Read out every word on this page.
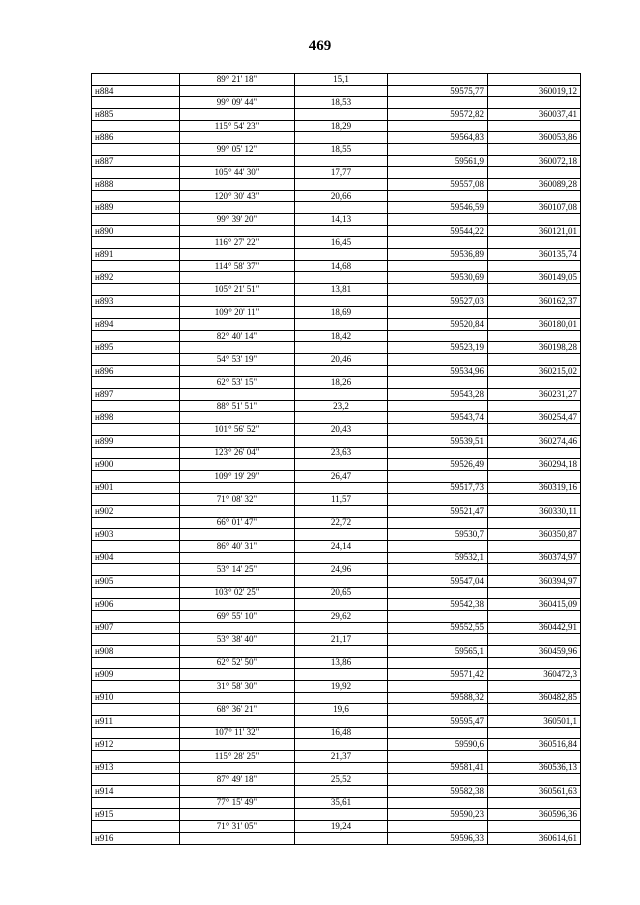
469
	89° 21' 18"	15,1		
н884			59575,77	360019,12
	99° 09' 44"	18,53		
н885			59572,82	360037,41
	115° 54' 23"	18,29		
н886			59564,83	360053,86
	99° 05' 12"	18,55		
н887			59561,9	360072,18
	105° 44' 30"	17,77		
н888			59557,08	360089,28
	120° 30' 43"	20,66		
н889			59546,59	360107,08
	99° 39' 20"	14,13		
н890			59544,22	360121,01
	116° 27' 22"	16,45		
н891			59536,89	360135,74
	114° 58' 37"	14,68		
н892			59530,69	360149,05
	105° 21' 51"	13,81		
н893			59527,03	360162,37
	109° 20' 11"	18,69		
н894			59520,84	360180,01
	82° 40' 14"	18,42		
н895			59523,19	360198,28
	54° 53' 19"	20,46		
н896			59534,96	360215,02
	62° 53' 15"	18,26		
н897			59543,28	360231,27
	88° 51' 51"	23,2		
н898			59543,74	360254,47
	101° 56' 52"	20,43		
н899			59539,51	360274,46
	123° 26' 04"	23,63		
н900			59526,49	360294,18
	109° 19' 29"	26,47		
н901			59517,73	360319,16
	71° 08' 32"	11,57		
н902			59521,47	360330,11
	66° 01' 47"	22,72		
н903			59530,7	360350,87
	86° 40' 31"	24,14		
н904			59532,1	360374,97
	53° 14' 25"	24,96		
н905			59547,04	360394,97
	103° 02' 25"	20,65		
н906			59542,38	360415,09
	69° 55' 10"	29,62		
н907			59552,55	360442,91
	53° 38' 40"	21,17		
н908			59565,1	360459,96
	62° 52' 50"	13,86		
н909			59571,42	360472,3
	31° 58' 30"	19,92		
н910			59588,32	360482,85
	68° 36' 21"	19,6		
н911			59595,47	360501,1
	107° 11' 32"	16,48		
н912			59590,6	360516,84
	115° 28' 25"	21,37		
н913			59581,41	360536,13
	87° 49' 18"	25,52		
н914			59582,38	360561,63
	77° 15' 49"	35,61		
н915			59590,23	360596,36
	71° 31' 05"	19,24		
н916			59596,33	360614,61
